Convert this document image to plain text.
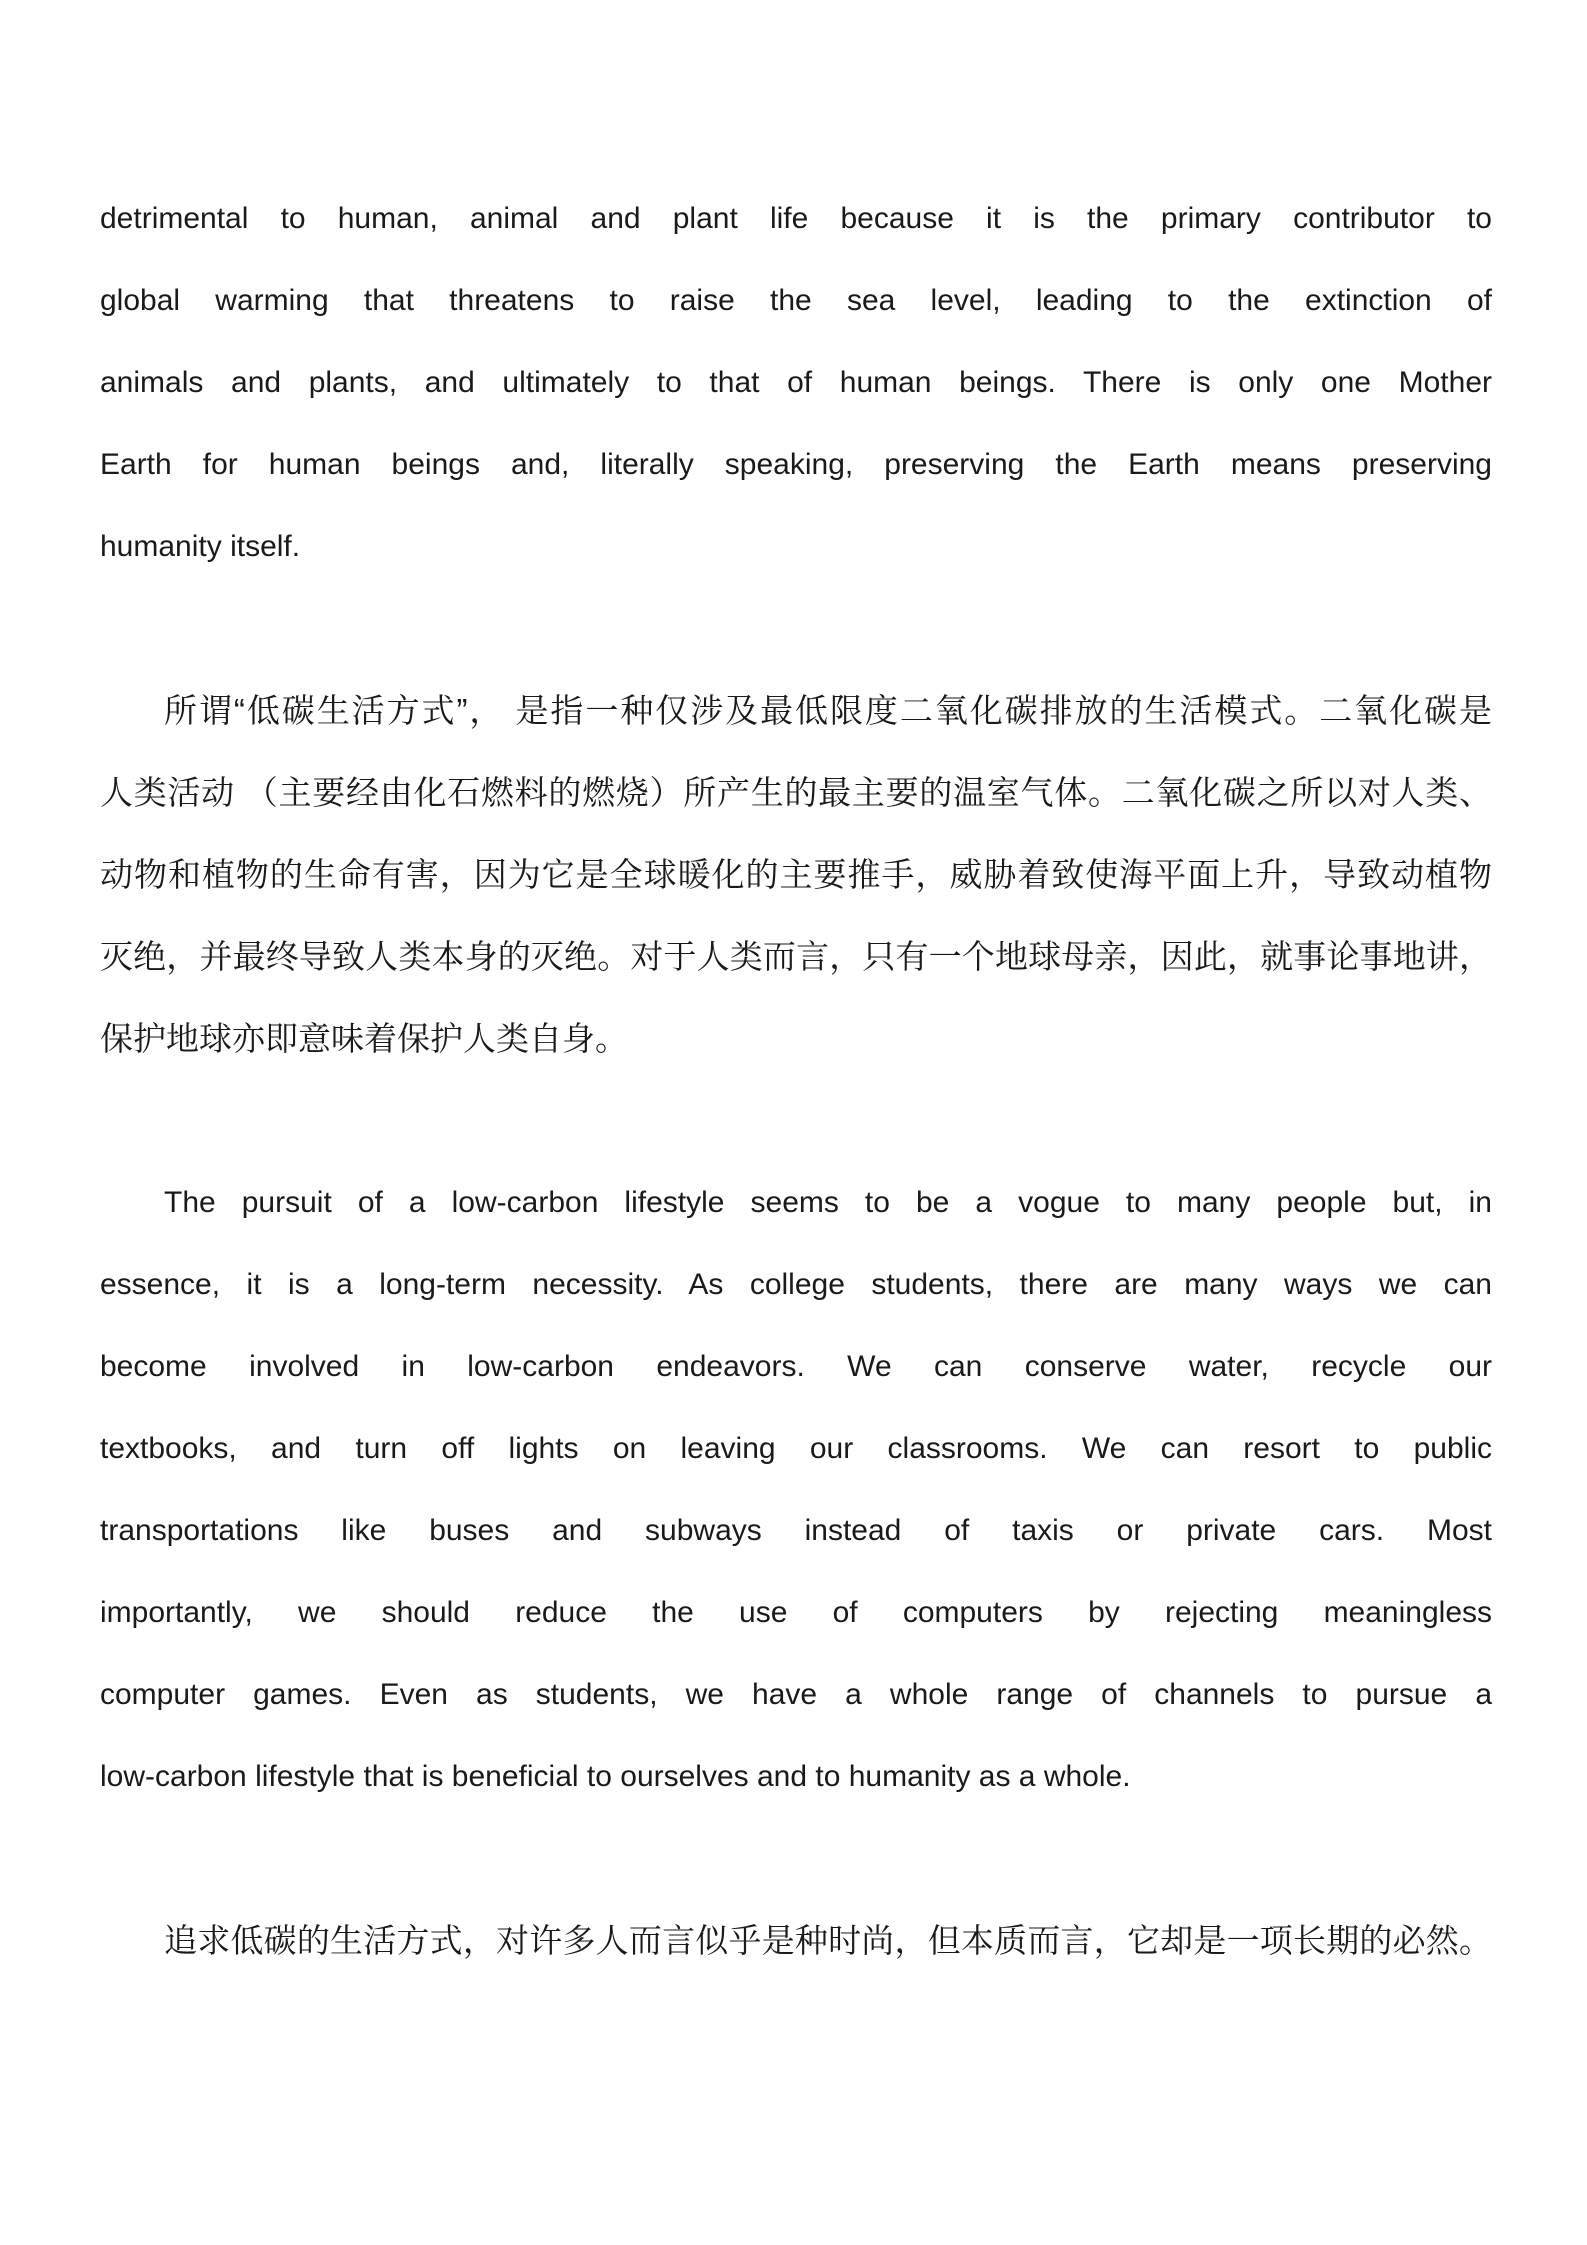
detrimental to human, animal and plant life because it is the primary contributor to
global warming that threatens to raise the sea level, leading to the extinction of
animals and plants, and ultimately to that of human beings. There is only one Mother
Earth for human beings and, literally speaking, preserving the Earth means preserving
humanity itself.
所谓“低碳生活方式”， 是指一种仅涉及最低限度二氧化碳排放的生活模式。二氧化碳是
人类活动 （主要经由化石燃料的燃烧）所产生的最主要的温室气体。二氧化碳之所以对人类、
动物和植物的生命有害，因为它是全球暖化的主要推手，威胁着致使海平面上升，导致动植物
灭绝，并最终导致人类本身的灭绝。对于人类而言，只有一个地球母亲，因此，就事论事地讲，
保护地球亦即意味着保护人类自身。
The pursuit of a low-carbon lifestyle seems to be a vogue to many people but, in
essence, it is a long-term necessity. As college students, there are many ways we can
become involved in low-carbon endeavors. We can conserve water, recycle our
textbooks, and turn off lights on leaving our classrooms. We can resort to public
transportations like buses and subways instead of taxis or private cars. Most
importantly, we should reduce the use of computers by rejecting meaningless
computer games. Even as students, we have a whole range of channels to pursue a
low-carbon lifestyle that is beneficial to ourselves and to humanity as a whole.
追求低碳的生活方式，对许多人而言似乎是种时尚，但本质而言，它却是一项长期的必然。
